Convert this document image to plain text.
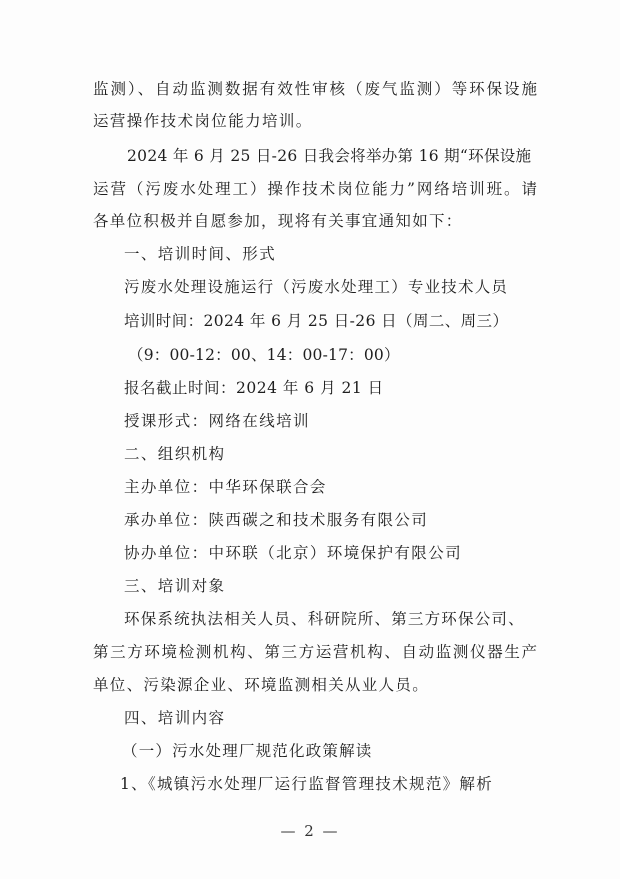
监测）、自动监测数据有效性审核（废气监测）等环保设施
运营操作技术岗位能力培训。
2024 年 6 月 25 日-26 日我会将举办第 16 期“环保设施
运营（污废水处理工）操作技术岗位能力”网络培训班。请
各单位积极并自愿参加，现将有关事宜通知如下：
一、培训时间、形式
污废水处理设施运行（污废水处理工）专业技术人员
培训时间：2024 年 6 月 25 日-26 日（周二、周三）
（9：00-12：00、14：00-17：00）
报名截止时间：2024 年 6 月 21 日
授课形式：网络在线培训
二、组织机构
主办单位：中华环保联合会
承办单位：陕西碳之和技术服务有限公司
协办单位：中环联（北京）环境保护有限公司
三、培训对象
环保系统执法相关人员、科研院所、第三方环保公司、
第三方环境检测机构、第三方运营机构、自动监测仪器生产
单位、污染源企业、环境监测相关从业人员。
四、培训内容
（一）污水处理厂规范化政策解读
1、《城镇污水处理厂运行监督管理技术规范》解析
— 2 —
